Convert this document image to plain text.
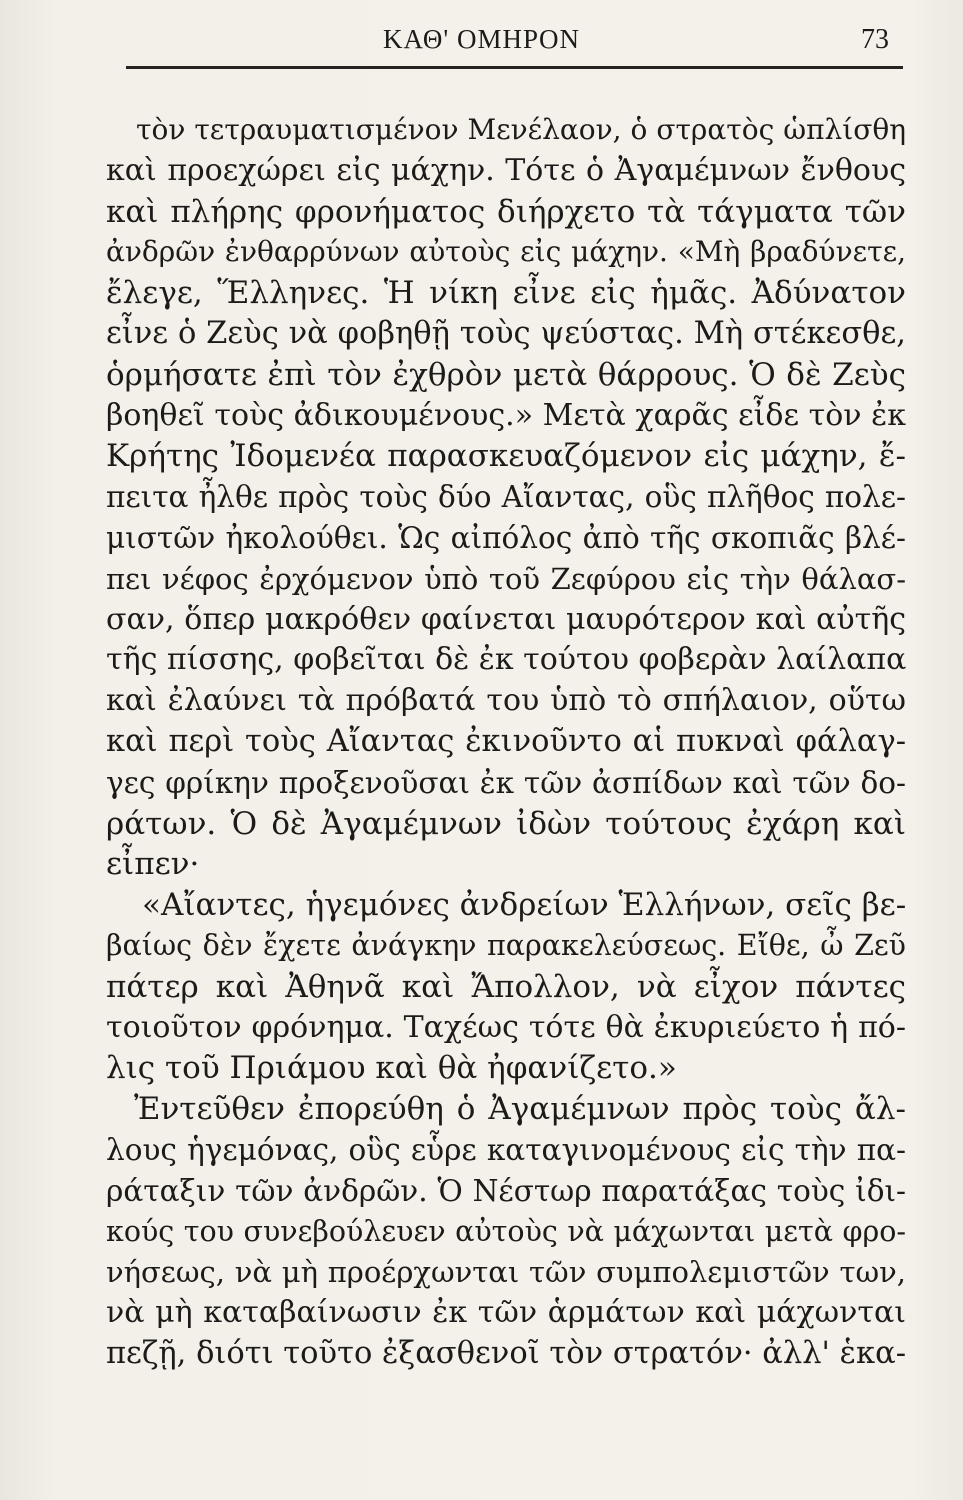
ΚΑΘ' ΟΜΗΡΟΝ	73
τὸν τετραυματισμένον Μενέλαον, ὁ στρατὸς ὡπλίσθη
καὶ προεχώρει εἰς μάχην. Τότε ὁ Ἀγαμέμνων ἔνθους
καὶ πλήρης φρονήματος διήρχετο τὰ τάγματα τῶν
ἀνδρῶν ἐνθαρρύνων αὐτοὺς εἰς μάχην. «Μὴ βραδύνετε,
ἔλεγε, Ἕλληνες. Ἡ νίκη εἶνε εἰς ἡμᾶς. Ἀδύνατον
εἶνε ὁ Ζεὺς νὰ φοβηθῇ τοὺς ψεύστας. Μὴ στέκεσθε,
ὁρμήσατε ἐπὶ τὸν ἐχθρὸν μετὰ θάρρους. Ὁ δὲ Ζεὺς
βοηθεῖ τοὺς ἀδικουμένους.» Μετὰ χαρᾶς εἶδε τὸν ἐκ
Κρήτης Ἰδομενέα παρασκευαζόμενον εἰς μάχην, ἔ-
πειτα ἦλθε πρὸς τοὺς δύο Αἴαντας, οὓς πλῆθος πολε-
μιστῶν ἠκολούθει. Ὡς αἰπόλος ἀπὸ τῆς σκοπιᾶς βλέ-
πει νέφος ἐρχόμενον ὑπὸ τοῦ Ζεφύρου εἰς τὴν θάλασ-
σαν, ὅπερ μακρόθεν φαίνεται μαυρότερον καὶ αὐτῆς
τῆς πίσσης, φοβεῖται δὲ ἐκ τούτου φοβερὰν λαίλαπα
καὶ ἐλαύνει τὰ πρόβατά του ὑπὸ τὸ σπήλαιον, οὕτω
καὶ περὶ τοὺς Αἴαντας ἐκινοῦντο αἱ πυκναὶ φάλαγ-
γες φρίκην προξενοῦσαι ἐκ τῶν ἀσπίδων καὶ τῶν δο-
ράτων. Ὁ δὲ Ἀγαμέμνων ἰδὼν τούτους ἐχάρη καὶ
εἶπεν·
«Αἴαντες, ἡγεμόνες ἀνδρείων Ἑλλήνων, σεῖς βε-
βαίως δὲν ἔχετε ἀνάγκην παρακελεύσεως. Εἴθε, ὦ Ζεῦ
πάτερ καὶ Ἀθηνᾶ καὶ Ἄπολλον, νὰ εἶχον πάντες
τοιοῦτον φρόνημα. Ταχέως τότε θὰ ἐκυριεύετο ἡ πό-
λις τοῦ Πριάμου καὶ θὰ ἠφανίζετο.»
Ἐντεῦθεν ἐπορεύθη ὁ Ἀγαμέμνων πρὸς τοὺς ἄλ-
λους ἡγεμόνας, οὓς εὗρε καταγινομένους εἰς τὴν πα-
ράταξιν τῶν ἀνδρῶν. Ὁ Νέστωρ παρατάξας τοὺς ἰδι-
κούς του συνεβούλευεν αὐτοὺς νὰ μάχωνται μετὰ φρο-
νήσεως, νὰ μὴ προέρχωνται τῶν συμπολεμιστῶν των,
νὰ μὴ καταβαίνωσιν ἐκ τῶν ἁρμάτων καὶ μάχωνται
πεζῇ, διότι τοῦτο ἐξασθενοῖ τὸν στρατόν· ἀλλ' ἑκα-
